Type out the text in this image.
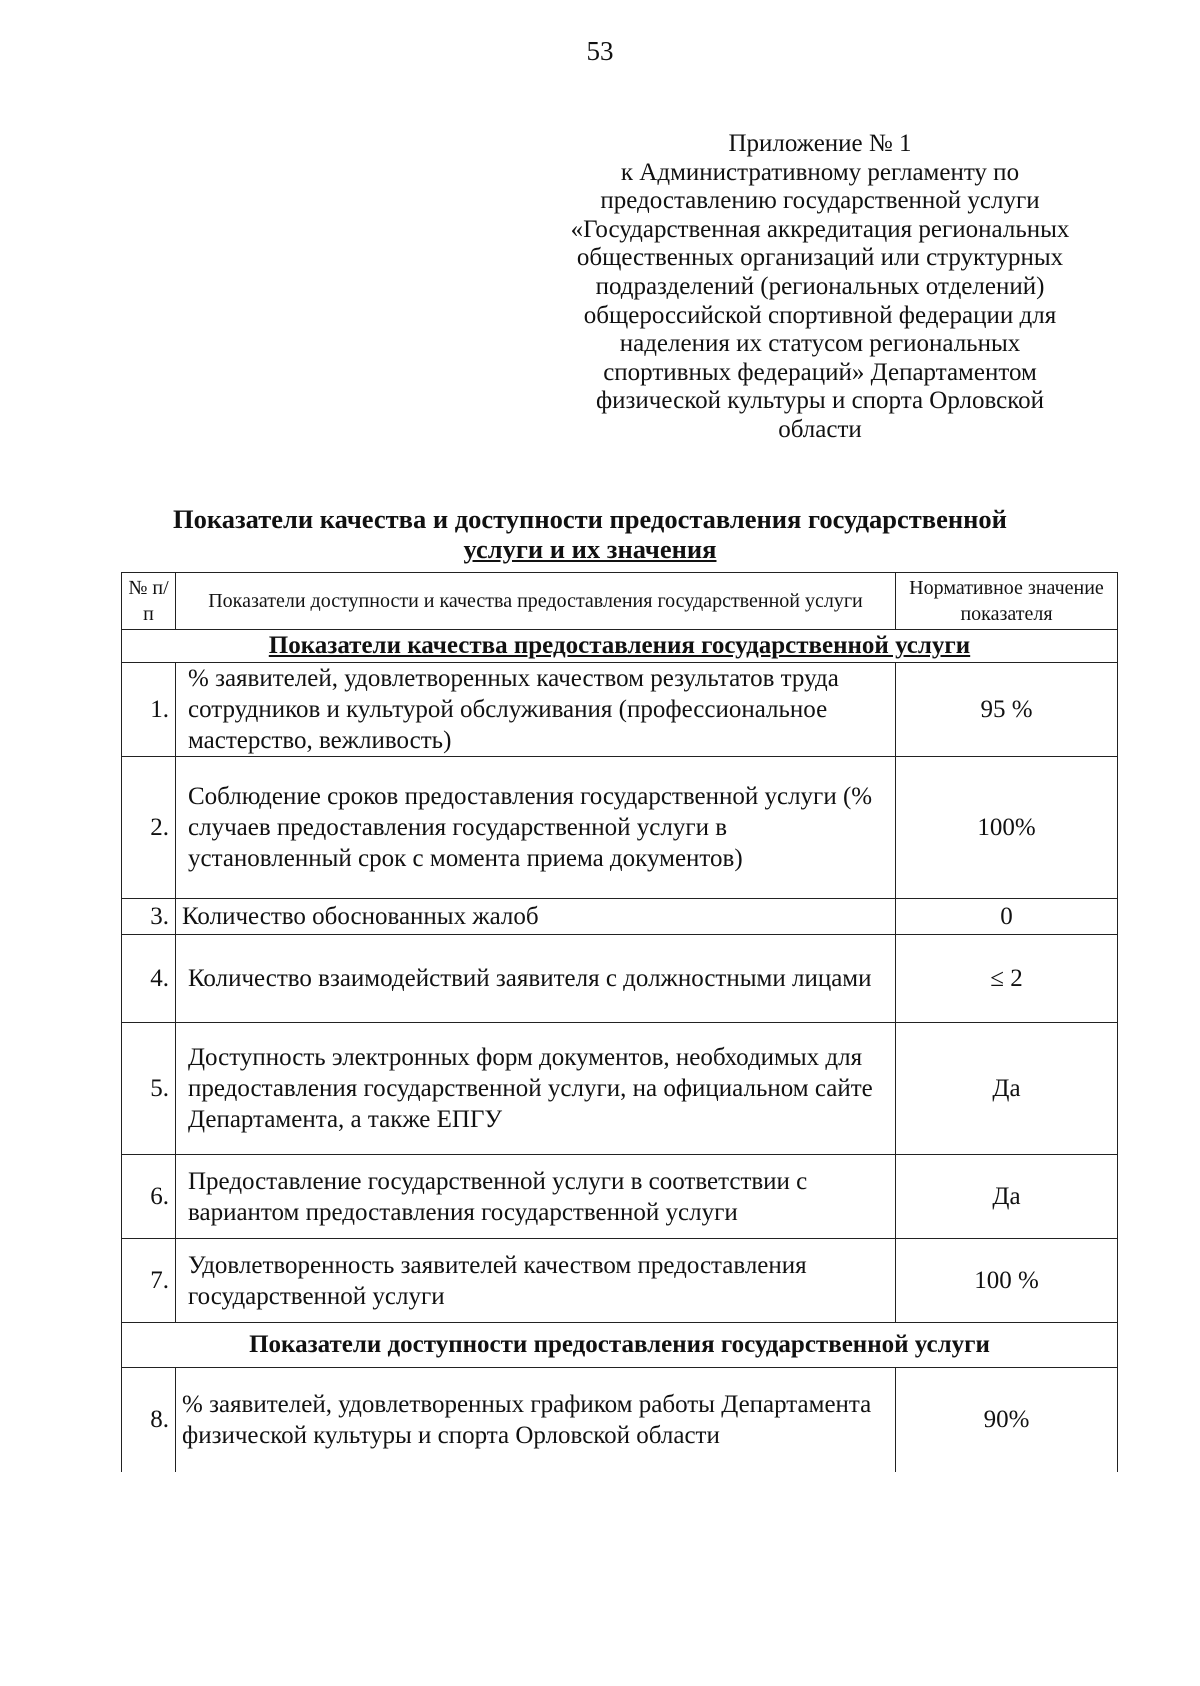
53
Приложение № 1
к Административному регламенту по
предоставлению государственной услуги
«Государственная аккредитация региональных
общественных организаций или структурных
подразделений (региональных отделений)
общероссийской спортивной федерации для
наделения их статусом региональных
спортивных федераций» Департаментом
физической культуры и спорта Орловской
области
Показатели качества и доступности предоставления государственной
услуги и их значения
№ п/п	Показатели доступности и качества предоставления государственной услуги	Нормативное значение показателя
Показатели качества предоставления государственной услуги		
1.	% заявителей, удовлетворенных качеством результатов труда сотрудников и культурой обслуживания (профессиональное мастерство, вежливость)	95 %
2.	Соблюдение сроков предоставления государственной услуги (% случаев предоставления государственной услуги в установленный срок с момента приема документов)	100%
3.	Количество обоснованных жалоб	0
4.	Количество взаимодействий заявителя с должностными лицами	≤ 2
5.	Доступность электронных форм документов, необходимых для предоставления государственной услуги, на официальном сайте Департамента, а также ЕПГУ	Да
6.	Предоставление государственной услуги в соответствии с вариантом предоставления государственной услуги	Да
7.	Удовлетворенность заявителей качеством предоставления государственной услуги	100 %
Показатели доступности предоставления государственной услуги		
8.	% заявителей, удовлетворенных графиком работы Департамента физической культуры и спорта Орловской области	90%
